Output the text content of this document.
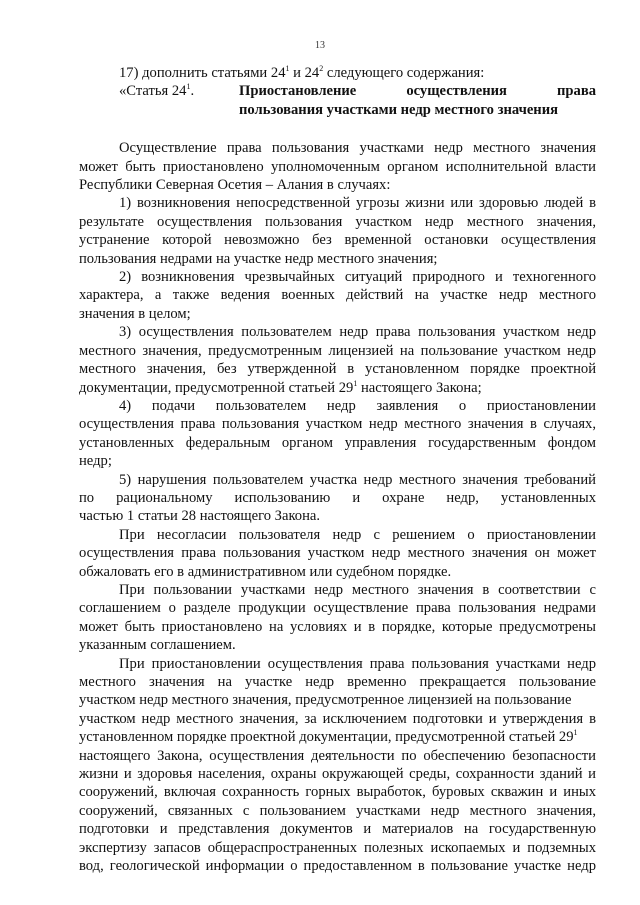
13
17) дополнить статьями $24^1$ и $24^2$ следующего содержания:
«Статья $24^1$.	Приостановление осуществления права
пользования участками недр местного значения
Осуществление права пользования участками недр местного значения
может быть приостановлено уполномоченным органом исполнительной власти
Республики Северная Осетия – Алания в случаях:
1) возникновения непосредственной угрозы жизни или здоровью людей в
результате осуществления пользования участком недр местного значения,
устранение которой невозможно без временной остановки осуществления
пользования недрами на участке недр местного значения;
2) возникновения чрезвычайных ситуаций природного и техногенного
характера, а также ведения военных действий на участке недр местного
значения в целом;
3) осуществления пользователем недр права пользования участком недр
местного значения, предусмотренным лицензией на пользование участком недр
местного значения, без утвержденной в установленном порядке проектной
документации, предусмотренной статьей $29^1$ настоящего Закона;
4) подачи пользователем недр заявления о приостановлении
осуществления права пользования участком недр местного значения в случаях,
установленных федеральным органом управления государственным фондом
недр;
5) нарушения пользователем участка недр местного значения требований
по рациональному использованию и охране недр, установленных
частью 1 статьи 28 настоящего Закона.
При несогласии пользователя недр с решением о приостановлении
осуществления права пользования участком недр местного значения он может
обжаловать его в административном или судебном порядке.
При пользовании участками недр местного значения в соответствии с
соглашением о разделе продукции осуществление права пользования недрами
может быть приостановлено на условиях и в порядке, которые предусмотрены
указанным соглашением.
При приостановлении осуществления права пользования участками недр
местного значения на участке недр временно прекращается пользование
участком недр местного значения, предусмотренное лицензией на пользование
участком недр местного значения, за исключением подготовки и утверждения в
установленном порядке проектной документации, предусмотренной статьей $29^1$
настоящего Закона, осуществления деятельности по обеспечению безопасности
жизни и здоровья населения, охраны окружающей среды, сохранности зданий и
сооружений, включая сохранность горных выработок, буровых скважин и иных
сооружений, связанных с пользованием участками недр местного значения,
подготовки и представления документов и материалов на государственную
экспертизу запасов общераспространенных полезных ископаемых и подземных
вод, геологической информации о предоставленном в пользование участке недр
